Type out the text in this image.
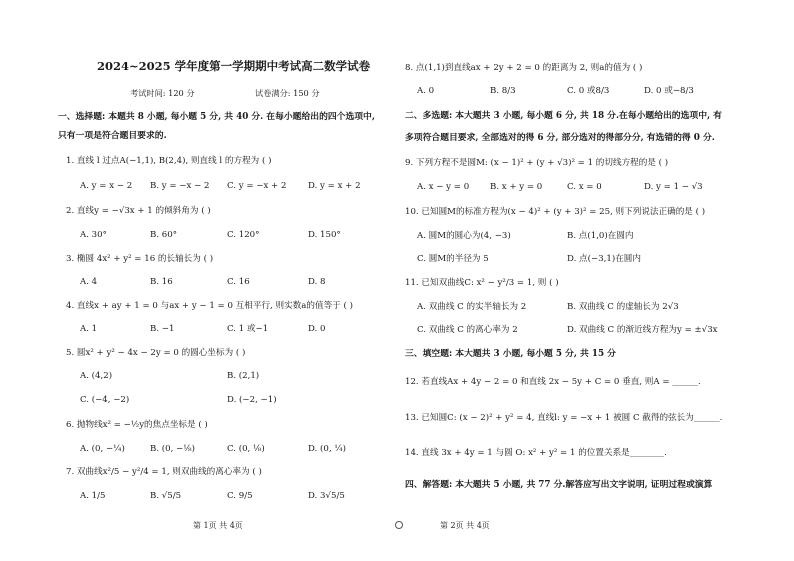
2024~2025 学年度第一学期期中考试高二数学试卷
考试时间: 120 分	试卷满分: 150 分
一、选择题: 本题共 8 小题, 每小题 5 分, 共 40 分. 在每小题给出的四个选项中,
只有一项是符合题目要求的.
1. 直线 l 过点A(−1,1), B(2,4), 则直线 l 的方程为 ( )
A. y = x − 2 B. y = −x − 2 C. y = −x + 2	D. y = x + 2
2. 直线y = −√3x + 1 的倾斜角为 ( )
A. 30°	B. 60°	C. 120°	D. 150°
3. 椭圆 4x² + y² = 16 的长轴长为 ( )
A. 4	B. 16	C. 16	D. 8
4. 直线x + ay + 1 = 0 与ax + y − 1 = 0 互相平行, 则实数a的值等于 ( )
A. 1	B. −1	C. 1 或−1	D. 0
5. 圆x² + y² − 4x − 2y = 0 的圆心坐标为 ( )
A. (4,2)	B. (2,1)
C. (−4, −2)	D. (−2, −1)
6. 抛物线x² = −½y的焦点坐标是 ( )
A. (0, −¼)	B. (0, −⅛)	C. (0, ⅛)	D. (0, ¼)
7. 双曲线x²/5 − y²/4 = 1, 则双曲线的离心率为 ( )
A. 1/5	B. √5/5	C. 9/5	D. 3√5/5
第 1页 共 4页
8. 点(1,1)到直线ax + 2y + 2 = 0 的距离为 2, 则a的值为 ( )
A. 0	B. 8/3	C. 0 或8/3	D. 0 或−8/3
二、多选题: 本大题共 3 小题, 每小题 6 分, 共 18 分.在每小题给出的选项中, 有
多项符合题目要求, 全部选对的得 6 分, 部分选对的得部分分, 有选错的得 0 分.
9. 下列方程不是圆M: (x − 1)² + (y + √3)² = 1 的切线方程的是 ( )
A. x − y = 0 B. x + y = 0	C. x = 0	D. y = 1 − √3
10. 已知圆M的标准方程为(x − 4)² + (y + 3)² = 25, 则下列说法正确的是 ( )
A. 圆M的圆心为(4, −3)	B. 点(1,0)在圆内
C. 圆M的半径为 5	D. 点(−3,1)在圆内
11. 已知双曲线C: x² − y²/3 = 1, 则 ( )
A. 双曲线 C 的实半轴长为 2	B. 双曲线 C 的虚轴长为 2√3
C. 双曲线 C 的离心率为 2	D. 双曲线 C 的渐近线方程为y = ±√3x
三、填空题: 本大题共 3 小题, 每小题 5 分, 共 15 分
12. 若直线Ax + 4y − 2 = 0 和直线 2x − 5y + C = 0 垂直, 则A = ______.
13. 已知圆C: (x − 2)² + y² = 4, 直线l: y = −x + 1 被圆 C 截得的弦长为______.
14. 直线 3x + 4y = 1 与圆 O: x² + y² = 1 的位置关系是________.
四、解答题: 本大题共 5 小题, 共 77 分.解答应写出文字说明, 证明过程或演算
第 2页 共 4页
